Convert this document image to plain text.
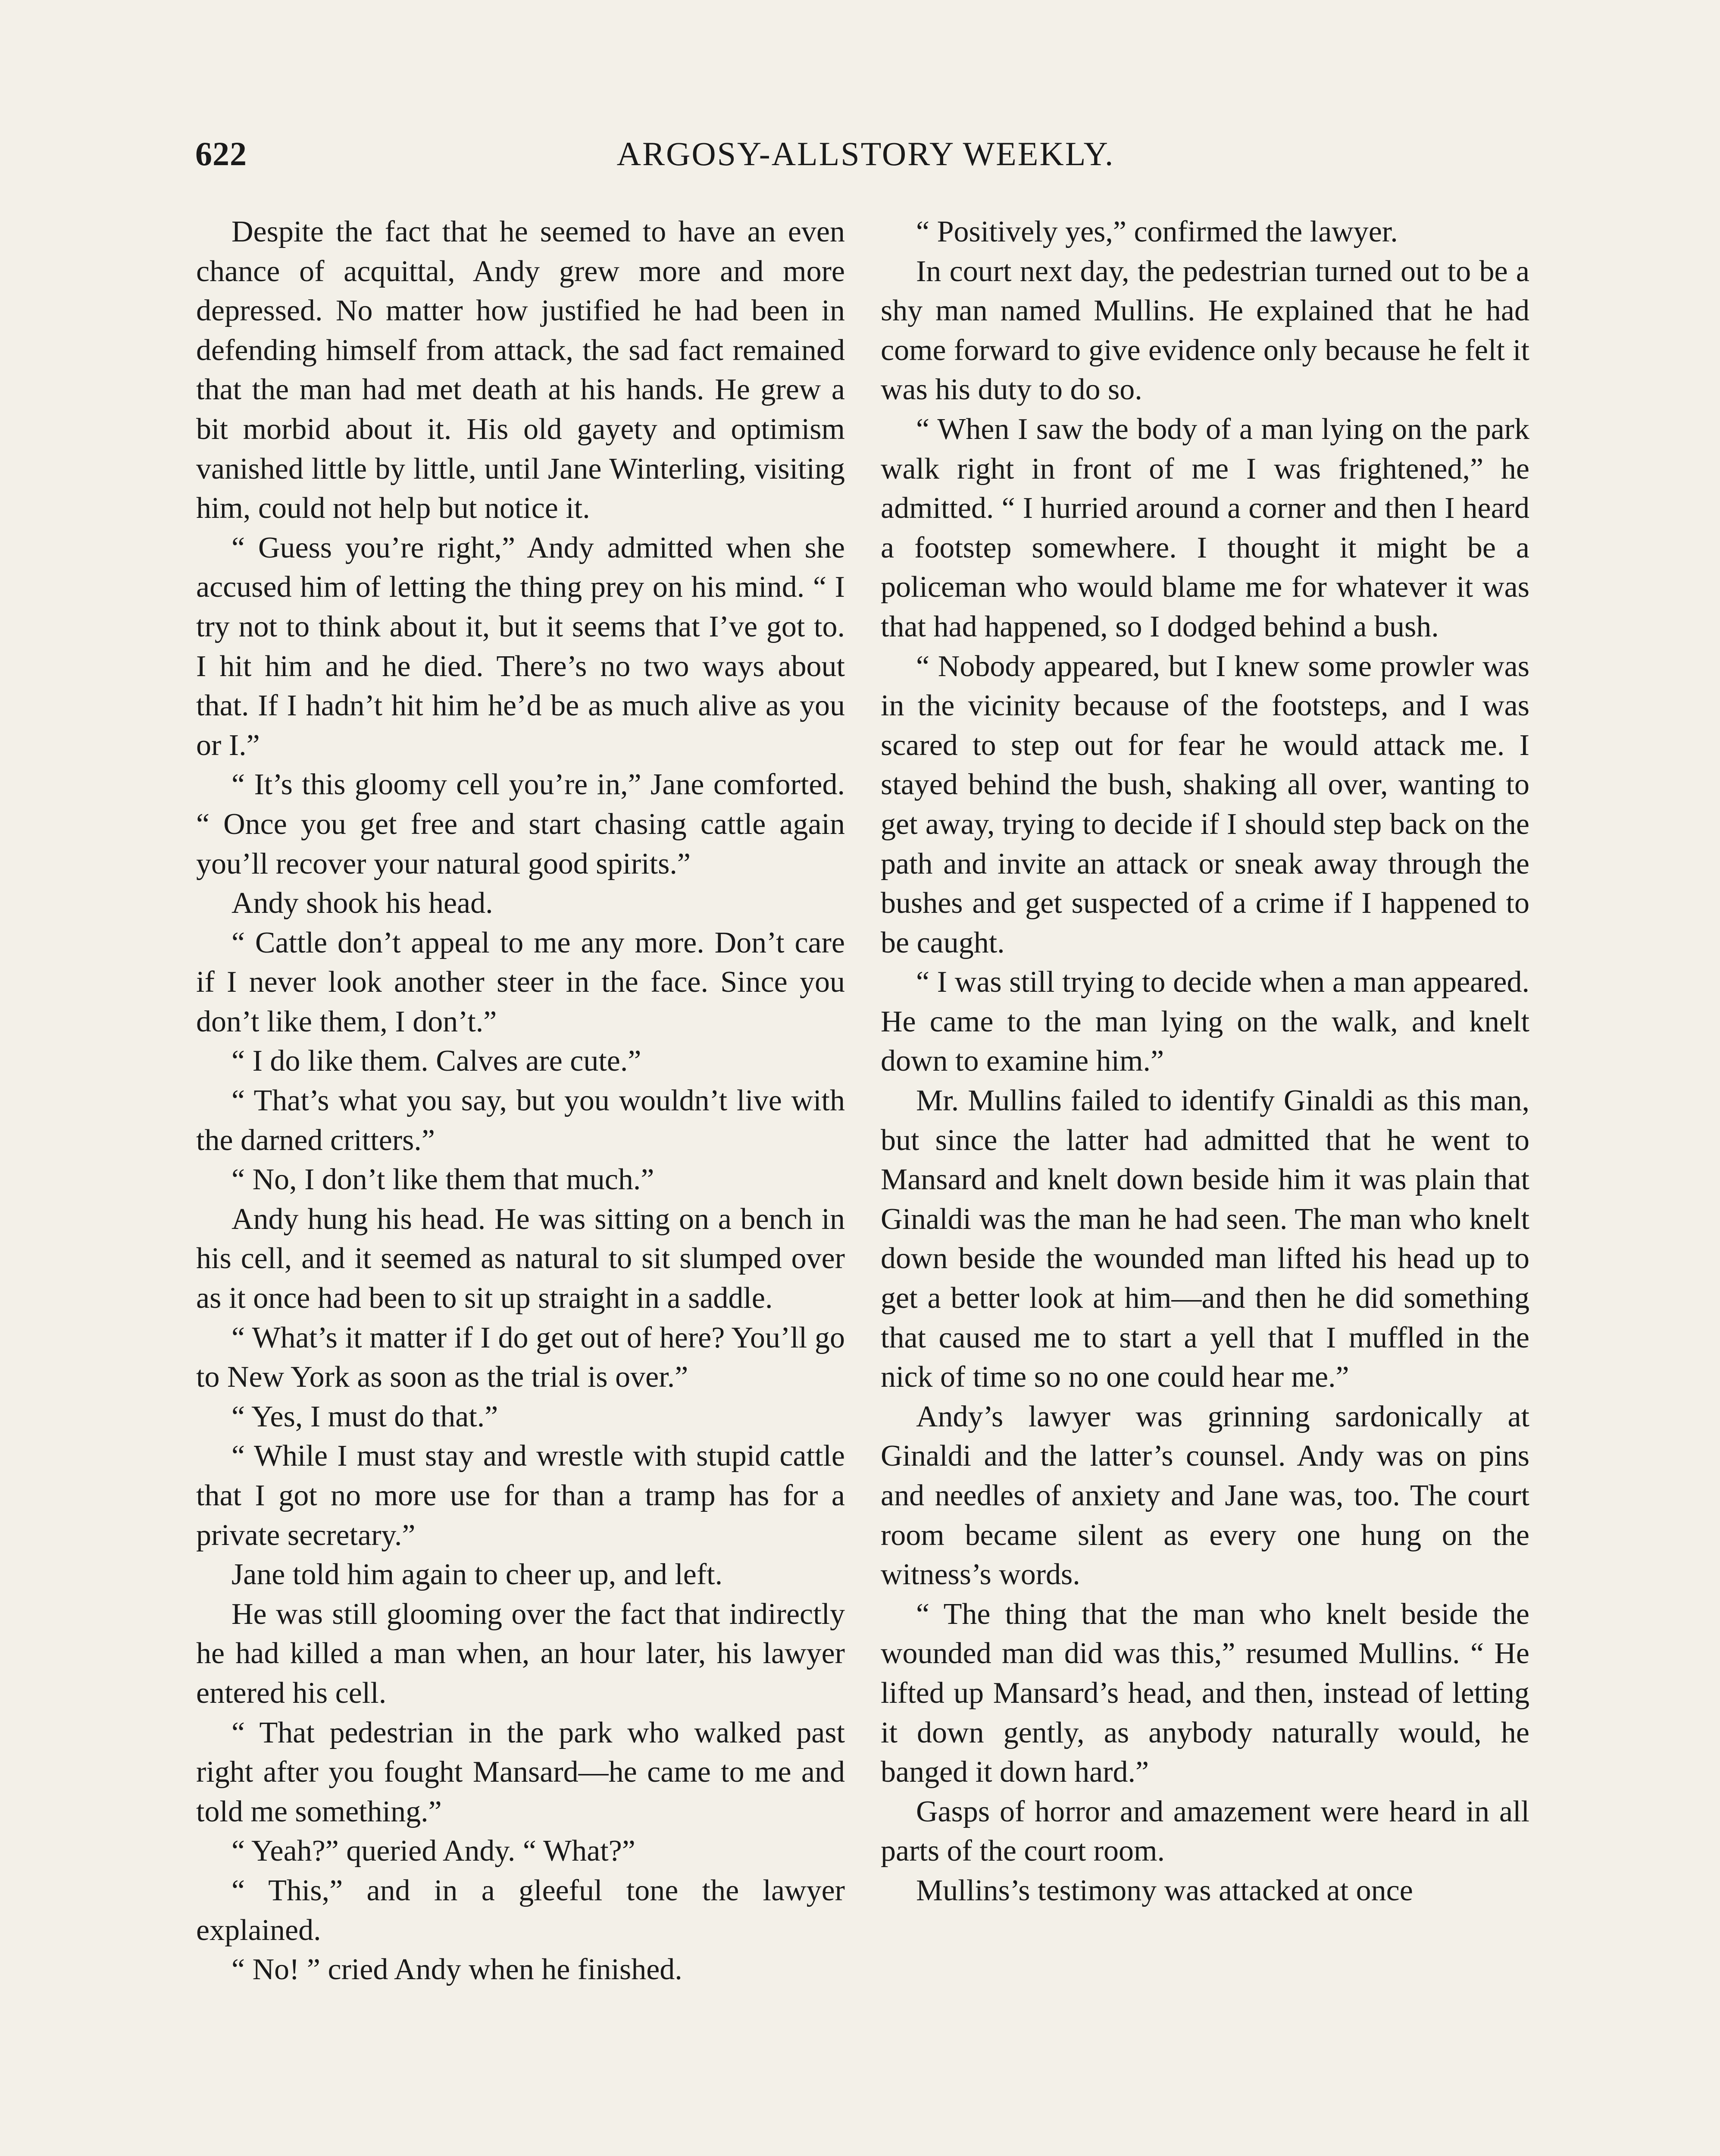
622	ARGOSY-ALLSTORY WEEKLY.

Despite the fact that he seemed to have an even chance of acquittal, Andy grew more and more depressed. No matter how justified he had been in defending himself from attack, the sad fact remained that the man had met death at his hands. He grew a bit morbid about it. His old gayety and optimism vanished little by little, until Jane Winterling, visiting him, could not help but notice it.

“ Guess you’re right,” Andy admitted when she accused him of letting the thing prey on his mind. “ I try not to think about it, but it seems that I’ve got to. I hit him and he died. There’s no two ways about that. If I hadn’t hit him he’d be as much alive as you or I.”

“ It’s this gloomy cell you’re in,” Jane comforted. “ Once you get free and start chasing cattle again you’ll recover your natural good spirits.”

Andy shook his head.

“ Cattle don’t appeal to me any more. Don’t care if I never look another steer in the face. Since you don’t like them, I don’t.”

“ I do like them. Calves are cute.”

“ That’s what you say, but you wouldn’t live with the darned critters.”

“ No, I don’t like them that much.”

Andy hung his head. He was sitting on a bench in his cell, and it seemed as natural to sit slumped over as it once had been to sit up straight in a saddle.

“ What’s it matter if I do get out of here? You’ll go to New York as soon as the trial is over.”

“ Yes, I must do that.”

“ While I must stay and wrestle with stupid cattle that I got no more use for than a tramp has for a private secretary.”

Jane told him again to cheer up, and left.

He was still glooming over the fact that indirectly he had killed a man when, an hour later, his lawyer entered his cell.

“ That pedestrian in the park who walked past right after you fought Mansard—he came to me and told me something.”

“ Yeah?” queried Andy. “ What?”

“ This,” and in a gleeful tone the lawyer explained.

“ No! ” cried Andy when he finished.

“ Positively yes,” confirmed the lawyer.

In court next day, the pedestrian turned out to be a shy man named Mullins. He explained that he had come forward to give evidence only because he felt it was his duty to do so.

“ When I saw the body of a man lying on the park walk right in front of me I was frightened,” he admitted. “ I hurried around a corner and then I heard a footstep somewhere. I thought it might be a policeman who would blame me for whatever it was that had happened, so I dodged behind a bush.

“ Nobody appeared, but I knew some prowler was in the vicinity because of the footsteps, and I was scared to step out for fear he would attack me. I stayed behind the bush, shaking all over, wanting to get away, trying to decide if I should step back on the path and invite an attack or sneak away through the bushes and get suspected of a crime if I happened to be caught.

“ I was still trying to decide when a man appeared. He came to the man lying on the walk, and knelt down to examine him.”

Mr. Mullins failed to identify Ginaldi as this man, but since the latter had admitted that he went to Mansard and knelt down beside him it was plain that Ginaldi was the man he had seen. The man who knelt down beside the wounded man lifted his head up to get a better look at him—and then he did something that caused me to start a yell that I muffled in the nick of time so no one could hear me.”

Andy’s lawyer was grinning sardonically at Ginaldi and the latter’s counsel. Andy was on pins and needles of anxiety and Jane was, too. The court room became silent as every one hung on the witness’s words.

“ The thing that the man who knelt beside the wounded man did was this,” resumed Mullins. “ He lifted up Mansard’s head, and then, instead of letting it down gently, as anybody naturally would, he banged it down hard.”

Gasps of horror and amazement were heard in all parts of the court room.

Mullins’s testimony was attacked at once
